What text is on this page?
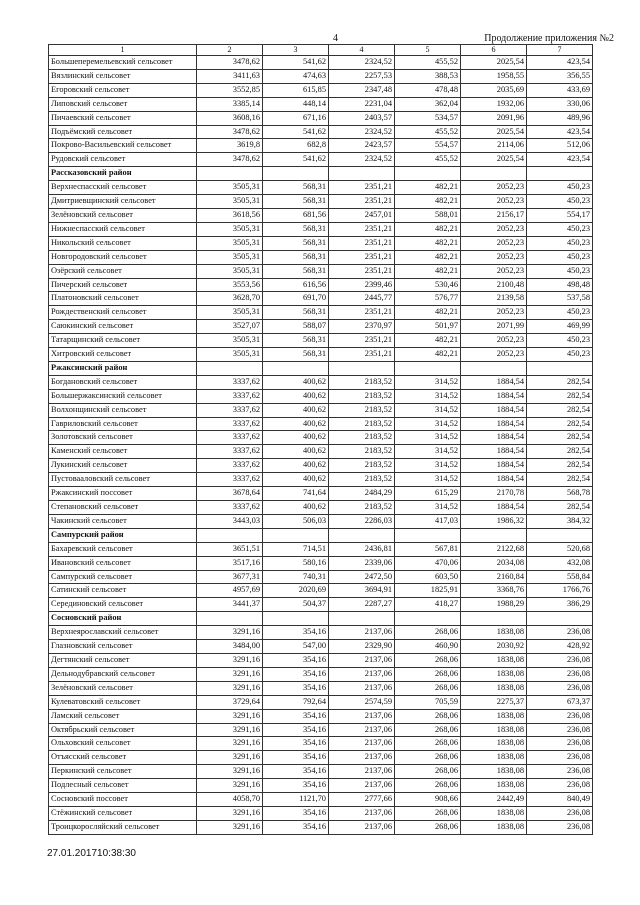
4	Продолжение приложения №2
1	2	3	4	5	6	7
Большеперемельевский сельсовет	3478,62	541,62	2324,52	455,52	2025,54	423,54
Вязлинский сельсовет	3411,63	474,63	2257,53	388,53	1958,55	356,55
Егоровский сельсовет	3552,85	615,85	2347,48	478,48	2035,69	433,69
Липовский сельсовет	3385,14	448,14	2231,04	362,04	1932,06	330,06
Пичаевский сельсовет	3608,16	671,16	2403,57	534,57	2091,96	489,96
Подъёмский сельсовет	3478,62	541,62	2324,52	455,52	2025,54	423,54
Покрово-Васильевский сельсовет	3619,8	682,8	2423,57	554,57	2114,06	512,06
Рудовский сельсовет	3478,62	541,62	2324,52	455,52	2025,54	423,54
Рассказовский район						
Верхнеспасский сельсовет	3505,31	568,31	2351,21	482,21	2052,23	450,23
Дмитриевщинский сельсовет	3505,31	568,31	2351,21	482,21	2052,23	450,23
Зелёновский сельсовет	3618,56	681,56	2457,01	588,01	2156,17	554,17
Нижнеспасский сельсовет	3505,31	568,31	2351,21	482,21	2052,23	450,23
Никольский сельсовет	3505,31	568,31	2351,21	482,21	2052,23	450,23
Новгородовский сельсовет	3505,31	568,31	2351,21	482,21	2052,23	450,23
Озёрский сельсовет	3505,31	568,31	2351,21	482,21	2052,23	450,23
Пичерский сельсовет	3553,56	616,56	2399,46	530,46	2100,48	498,48
Платоновский сельсовет	3628,70	691,70	2445,77	576,77	2139,58	537,58
Рождественский сельсовет	3505,31	568,31	2351,21	482,21	2052,23	450,23
Саюкинский сельсовет	3527,07	588,07	2370,97	501,97	2071,99	469,99
Татарщинский сельсовет	3505,31	568,31	2351,21	482,21	2052,23	450,23
Хитровский сельсовет	3505,31	568,31	2351,21	482,21	2052,23	450,23
Ржаксинский район						
Богдановский сельсовет	3337,62	400,62	2183,52	314,52	1884,54	282,54
Большержаксинский сельсовет	3337,62	400,62	2183,52	314,52	1884,54	282,54
Волхонщинский сельсовет	3337,62	400,62	2183,52	314,52	1884,54	282,54
Гавриловский сельсовет	3337,62	400,62	2183,52	314,52	1884,54	282,54
Золотовский сельсовет	3337,62	400,62	2183,52	314,52	1884,54	282,54
Каменский сельсовет	3337,62	400,62	2183,52	314,52	1884,54	282,54
Лукинский сельсовет	3337,62	400,62	2183,52	314,52	1884,54	282,54
Пустовааловский сельсовет	3337,62	400,62	2183,52	314,52	1884,54	282,54
Ржаксинский поссовет	3678,64	741,64	2484,29	615,29	2170,78	568,78
Степановский сельсовет	3337,62	400,62	2183,52	314,52	1884,54	282,54
Чакинский сельсовет	3443,03	506,03	2286,03	417,03	1986,32	384,32
Сампурский район						
Бахаревский сельсовет	3651,51	714,51	2436,81	567,81	2122,68	520,68
Ивановский сельсовет	3517,16	580,16	2339,06	470,06	2034,08	432,08
Сампурский сельсовет	3677,31	740,31	2472,50	603,50	2160,84	558,84
Сатинский сельсовет	4957,69	2020,69	3694,91	1825,91	3368,76	1766,76
Серединовский сельсовет	3441,37	504,37	2287,27	418,27	1988,29	386,29
Сосновский район						
Верхнеярославский сельсовет	3291,16	354,16	2137,06	268,06	1838,08	236,08
Глазновский сельсовет	3484,00	547,00	2329,90	460,90	2030,92	428,92
Дегтянский сельсовет	3291,16	354,16	2137,06	268,06	1838,08	236,08
Дельнодубравский сельсовет	3291,16	354,16	2137,06	268,06	1838,08	236,08
Зелёновский сельсовет	3291,16	354,16	2137,06	268,06	1838,08	236,08
Кулеватовский сельсовет	3729,64	792,64	2574,59	705,59	2275,37	673,37
Ламский сельсовет	3291,16	354,16	2137,06	268,06	1838,08	236,08
Октябрьский сельсовет	3291,16	354,16	2137,06	268,06	1838,08	236,08
Ольховский сельсовет	3291,16	354,16	2137,06	268,06	1838,08	236,08
Отъясский сельсовет	3291,16	354,16	2137,06	268,06	1838,08	236,08
Перкинский сельсовет	3291,16	354,16	2137,06	268,06	1838,08	236,08
Подлесный сельсовет	3291,16	354,16	2137,06	268,06	1838,08	236,08
Сосновский поссовет	4058,70	1121,70	2777,66	908,66	2442,49	840,49
Стёжинский сельсовет	3291,16	354,16	2137,06	268,06	1838,08	236,08
Троицкоросляйский сельсовет	3291,16	354,16	2137,06	268,06	1838,08	236,08
27.01.201710:38:30
